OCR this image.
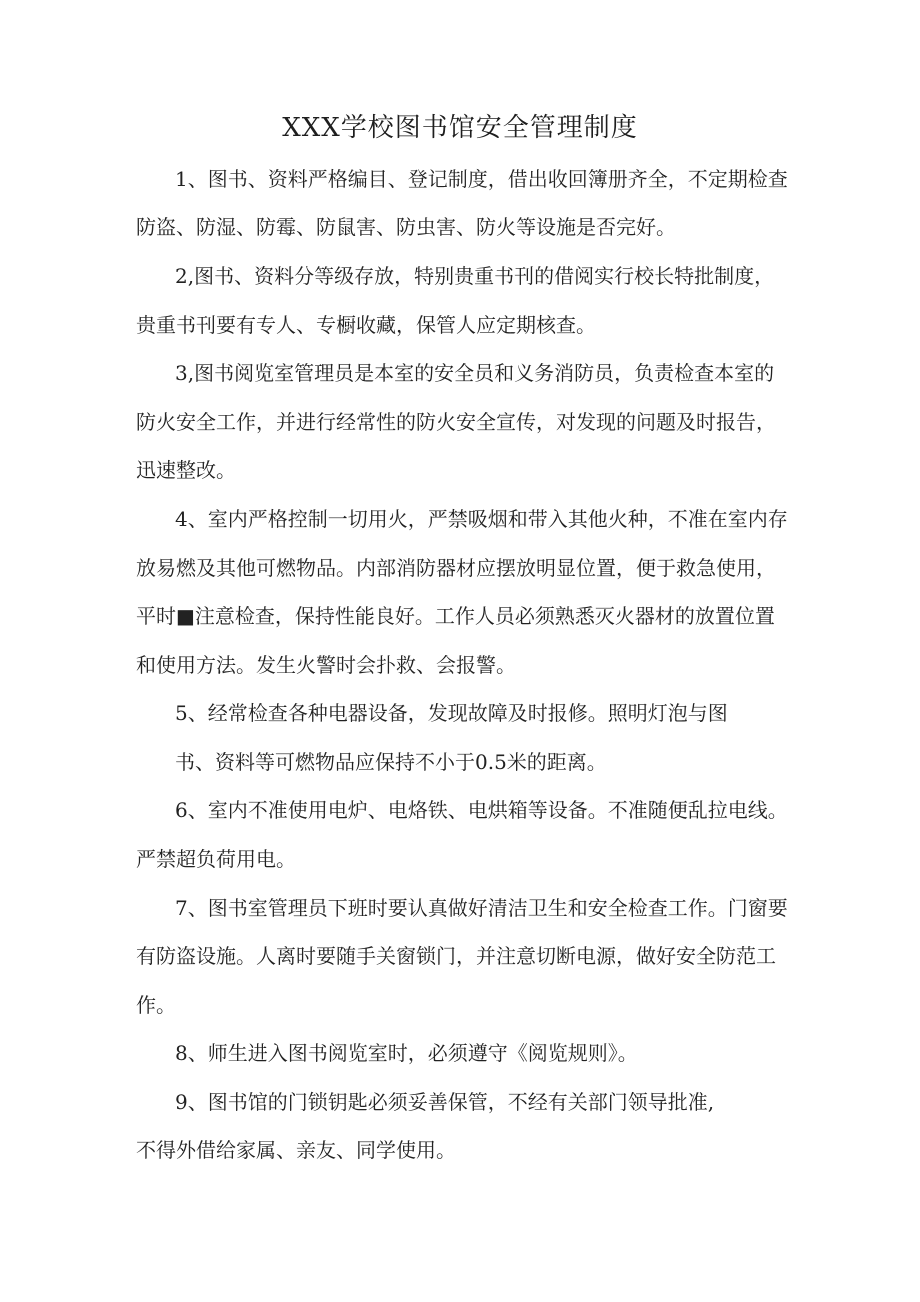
XXX学校图书馆安全管理制度
1、图书、资料严格编目、登记制度，借出收回簿册齐全，不定期检查
防盗、防湿、防霉、防鼠害、防虫害、防火等设施是否完好。
2,图书、资料分等级存放，特别贵重书刊的借阅实行校长特批制度，
贵重书刊要有专人、专橱收藏，保管人应定期核查。
3,图书阅览室管理员是本室的安全员和义务消防员，负责检查本室的
防火安全工作，并进行经常性的防火安全宣传，对发现的问题及时报告，
迅速整改。
4、室内严格控制一切用火，严禁吸烟和带入其他火种，不准在室内存
放易燃及其他可燃物品。内部消防器材应摆放明显位置，便于救急使用，
平时■注意检查，保持性能良好。工作人员必须熟悉灭火器材的放置位置
和使用方法。发生火警时会扑救、会报警。
5、经常检查各种电器设备，发现故障及时报修。照明灯泡与图
书、资料等可燃物品应保持不小于0.5米的距离。
6、室内不准使用电炉、电烙铁、电烘箱等设备。不准随便乱拉电线。
严禁超负荷用电。
7、图书室管理员下班时要认真做好清洁卫生和安全检查工作。门窗要
有防盗设施。人离时要随手关窗锁门，并注意切断电源，做好安全防范工
作。
8、师生进入图书阅览室时，必须遵守《阅览规则》。
9、图书馆的门锁钥匙必须妥善保管，不经有关部门领导批准,
不得外借给家属、亲友、同学使用。
